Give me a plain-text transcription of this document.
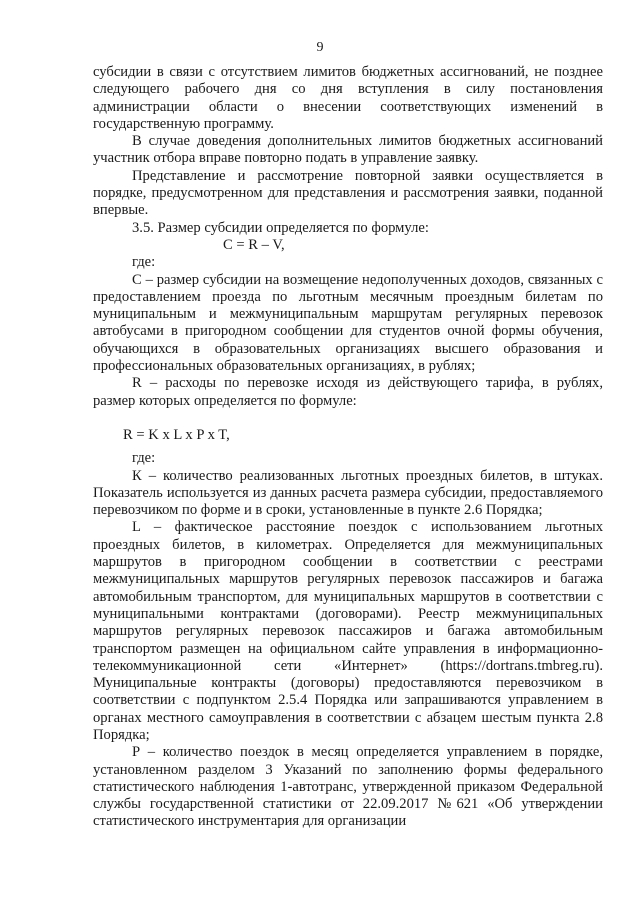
9

субсидии в связи с отсутствием лимитов бюджетных ассигнований, не позднее следующего рабочего дня со дня вступления в силу постановления администрации области о внесении соответствующих изменений в государственную программу.

В случае доведения дополнительных лимитов бюджетных ассигнований участник отбора вправе повторно подать в управление заявку.

Представление и рассмотрение повторной заявки осуществляется в порядке, предусмотренном для представления и рассмотрения заявки, поданной впервые.

3.5. Размер субсидии определяется по формуле:

С = R – V,

где:

С – размер субсидии на возмещение недополученных доходов, связанных с предоставлением проезда по льготным месячным проездным билетам по муниципальным и межмуниципальным маршрутам регулярных перевозок автобусами в пригородном сообщении для студентов очной формы обучения, обучающихся в образовательных организациях высшего образования и профессиональных образовательных организациях, в рублях;

R – расходы по перевозке исходя из действующего тарифа, в рублях, размер которых определяется по формуле:

R = K x L x P x T,

где:

К – количество реализованных льготных проездных билетов, в штуках. Показатель используется из данных расчета размера субсидии, предоставляемого перевозчиком по форме и в сроки, установленные в пункте 2.6 Порядка;

L – фактическое расстояние поездок с использованием льготных проездных билетов, в километрах. Определяется для межмуниципальных маршрутов в пригородном сообщении в соответствии с реестрами межмуниципальных маршрутов регулярных перевозок пассажиров и багажа автомобильным транспортом, для муниципальных маршрутов в соответствии с муниципальными контрактами (договорами). Реестр межмуниципальных маршрутов регулярных перевозок пассажиров и багажа автомобильным транспортом размещен на официальном сайте управления в информационно-телекоммуникационной сети «Интернет» (https://dortrans.tmbreg.ru). Муниципальные контракты (договоры) предоставляются перевозчиком в соответствии с подпунктом 2.5.4 Порядка или запрашиваются управлением в органах местного самоуправления в соответствии с абзацем шестым пункта 2.8 Порядка;

Р – количество поездок в месяц определяется управлением в порядке, установленном разделом 3 Указаний по заполнению формы федерального статистического наблюдения 1-автотранс, утвержденной приказом Федеральной службы государственной статистики от 22.09.2017 №621 «Об утверждении статистического инструментария для организации
